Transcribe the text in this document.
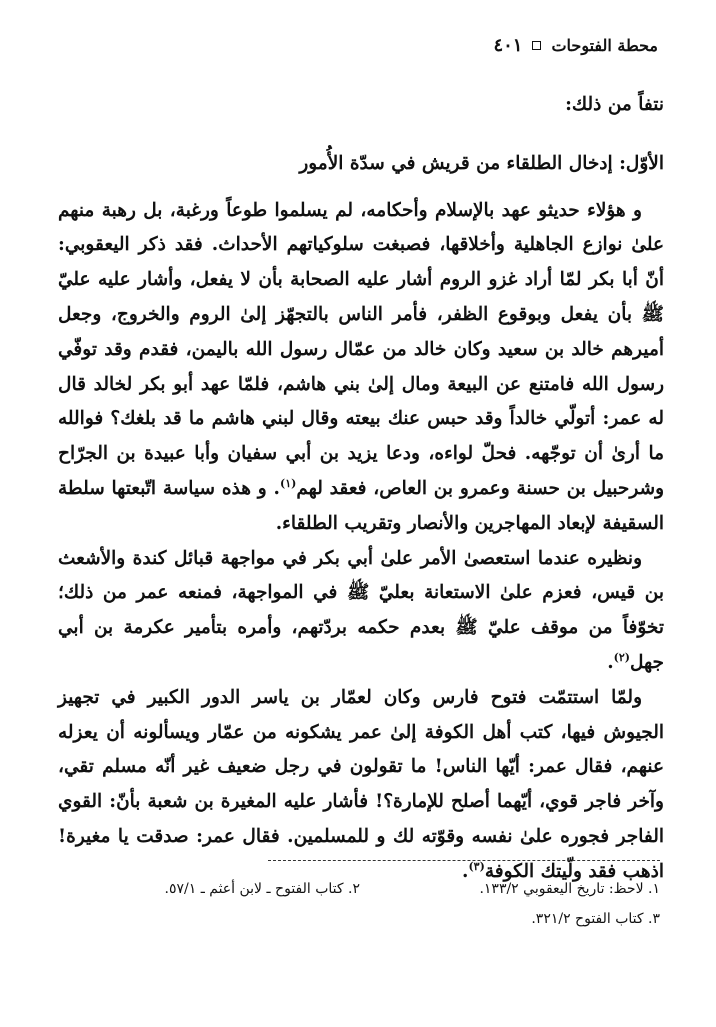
محطة الفتوحات
٤٠١

نتفاً من ذلك:

الأوّل: إدخال الطلقاء من قريش في سدّة الأُمور

و هؤلاء حديثو عهد بالإسلام وأحكامه، لم يسلموا طوعاً ورغبة، بل رهبة منهم علىٰ نوازع الجاهلية وأخلاقها، فصبغت سلوكياتهم الأحداث. فقد ذكر اليعقوبي: أنّ أبا بكر لمّا أراد غزو الروم أشار عليه الصحابة بأن لا يفعل، وأشار عليه عليّ ﷺ بأن يفعل وبوقوع الظفر، فأمر الناس بالتجهّز إلىٰ الروم والخروج، وجعل أميرهم خالد بن سعيد وكان خالد من عمّال رسول الله باليمن، فقدم وقد توفّي رسول الله فامتنع عن البيعة ومال إلىٰ بني هاشم، فلمّا عهد أبو بكر لخالد قال له عمر: أتولّي خالداً وقد حبس عنك بيعته وقال لبني هاشم ما قد بلغك؟ فوالله ما أرىٰ أن توجّهه. فحلّ لواءه، ودعا يزيد بن أبي سفيان وأبا عبيدة بن الجرّاح وشرحبيل بن حسنة وعمرو بن العاص، فعقد لهم$^{(١)}$. و هذه سياسة اتّبعتها سلطة السقيفة لإبعاد المهاجرين والأنصار وتقريب الطلقاء.

ونظيره عندما استعصىٰ الأمر علىٰ أبي بكر في مواجهة قبائل كندة والأشعث بن قيس، فعزم علىٰ الاستعانة بعليّ ﷺ في المواجهة، فمنعه عمر من ذلك؛ تخوّفاً من موقف عليّ ﷺ بعدم حكمه بردّتهم، وأمره بتأمير عكرمة بن أبي جهل$^{(٢)}$.

ولمّا استتمّت فتوح فارس وكان لعمّار بن ياسر الدور الكبير في تجهيز الجيوش فيها، كتب أهل الكوفة إلىٰ عمر يشكونه من عمّار ويسألونه أن يعزله عنهم، فقال عمر: أيّها الناس! ما تقولون في رجل ضعيف غير أنّه مسلم تقي، وآخر فاجر قوي، أيّهما أصلح للإمارة؟! فأشار عليه المغيرة بن شعبة بأنّ: القوي الفاجر فجوره علىٰ نفسه وقوّته لك و للمسلمين. فقال عمر: صدقت يا مغيرة! اذهب فقد ولّيتك الكوفة$^{(٣)}$.

١. لاحظ: تاريخ اليعقوبي ١٣٣/٢.
٢. كتاب الفتوح ـ لابن أعثم ـ ٥٧/١.
٣. كتاب الفتوح ٣٢١/٢.
